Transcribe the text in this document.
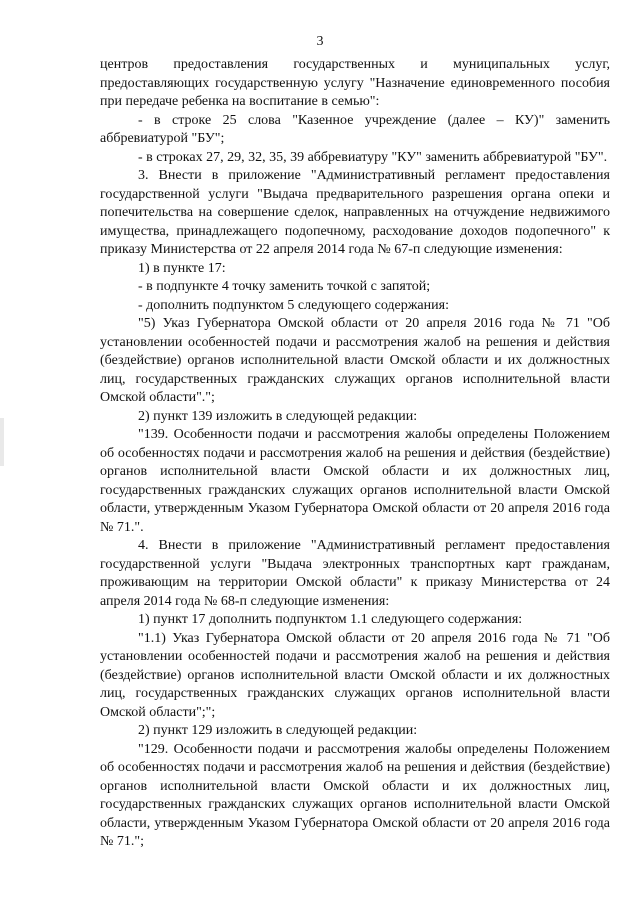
3

центров предоставления государственных и муниципальных услуг, предоставляющих государственную услугу "Назначение единовременного пособия при передаче ребенка на воспитание в семью":

- в строке 25 слова "Казенное учреждение (далее – КУ)" заменить аббревиатурой "БУ";

- в строках 27, 29, 32, 35, 39 аббревиатуру "КУ" заменить аббревиатурой "БУ".

3. Внести в приложение "Административный регламент предоставления государственной услуги "Выдача предварительного разрешения органа опеки и попечительства на совершение сделок, направленных на отчуждение недвижимого имущества, принадлежащего подопечному, расходование доходов подопечного" к приказу Министерства от 22 апреля 2014 года № 67-п следующие изменения:

1) в пункте 17:

- в подпункте 4 точку заменить точкой с запятой;

- дополнить подпунктом 5 следующего содержания:

"5) Указ Губернатора Омской области от 20 апреля 2016 года № 71 "Об установлении особенностей подачи и рассмотрения жалоб на решения и действия (бездействие) органов исполнительной власти Омской области и их должностных лиц, государственных гражданских служащих органов исполнительной власти Омской области".";

2) пункт 139 изложить в следующей редакции:

"139. Особенности подачи и рассмотрения жалобы определены Положением об особенностях подачи и рассмотрения жалоб на решения и действия (бездействие) органов исполнительной власти Омской области и их должностных лиц, государственных гражданских служащих органов исполнительной власти Омской области, утвержденным Указом Губернатора Омской области от 20 апреля 2016 года № 71.".

4. Внести в приложение "Административный регламент предоставления государственной услуги "Выдача электронных транспортных карт гражданам, проживающим на территории Омской области" к приказу Министерства от 24 апреля 2014 года № 68-п следующие изменения:

1) пункт 17 дополнить подпунктом 1.1 следующего содержания:

"1.1) Указ Губернатора Омской области от 20 апреля 2016 года № 71 "Об установлении особенностей подачи и рассмотрения жалоб на решения и действия (бездействие) органов исполнительной власти Омской области и их должностных лиц, государственных гражданских служащих органов исполнительной власти Омской области";";

2) пункт 129 изложить в следующей редакции:

"129. Особенности подачи и рассмотрения жалобы определены Положением об особенностях подачи и рассмотрения жалоб на решения и действия (бездействие) органов исполнительной власти Омской области и их должностных лиц, государственных гражданских служащих органов исполнительной власти Омской области, утвержденным Указом Губернатора Омской области от 20 апреля 2016 года № 71.";
